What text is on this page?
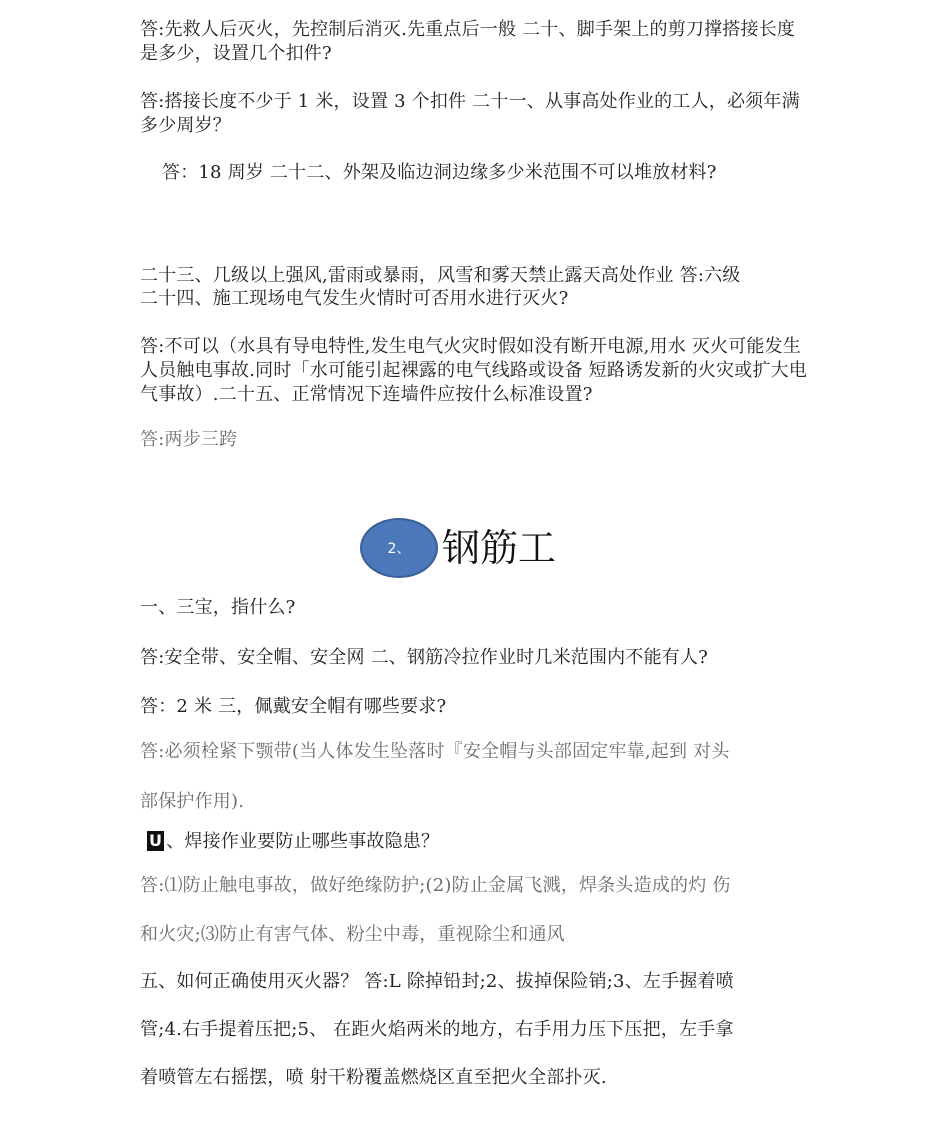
答:先救人后灭火，先控制后消灭.先重点后一般 二十、脚手架上的剪刀撑搭接长度是多少，设置几个扣件?

答:搭接长度不少于 1 米，设置 3 个扣件 二十一、从事高处作业的工人，必须年满多少周岁？

答：18 周岁 二十二、外架及临边洞边缘多少米范围不可以堆放材料?

二十三、几级以上强风,雷雨或暴雨，风雪和雾天禁止露天高处作业 答:六级

二十四、施工现场电气发生火情时可否用水进行灭火?

答:不可以（水具有导电特性,发生电气火灾时假如没有断开电源,用水 灭火可能发生人员触电事故.同时「水可能引起裸露的电气线路或设备 短路诱发新的火灾或扩大电气事故）.二十五、正常情况下连墙件应按什么标准设置?

答:两步三跨

2、 钢筋工

一、三宝，指什么?

答:安全带、安全帽、安全网 二、钢筋冷拉作业时几米范围内不能有人?

答：2 米 三，佩戴安全帽有哪些要求?

答:必须栓紧下颚带(当人体发生坠落时『安全帽与头部固定牢靠,起到 对头

部保护作用).

U 、焊接作业要防止哪些事故隐患？

答:⑴防止触电事故，做好绝缘防护;(2)防止金属飞溅，焊条头造成的灼 伤

和火灾;⑶防止有害气体、粉尘中毒，重视除尘和通风

五、如何正确使用灭火器？ 答:L 除掉铅封;2、拔掉保险销;3、左手握着喷

管;4.右手提着压把;5、 在距火焰两米的地方，右手用力压下压把，左手拿

着喷管左右摇摆，喷 射干粉覆盖燃烧区直至把火全部扑灭.
